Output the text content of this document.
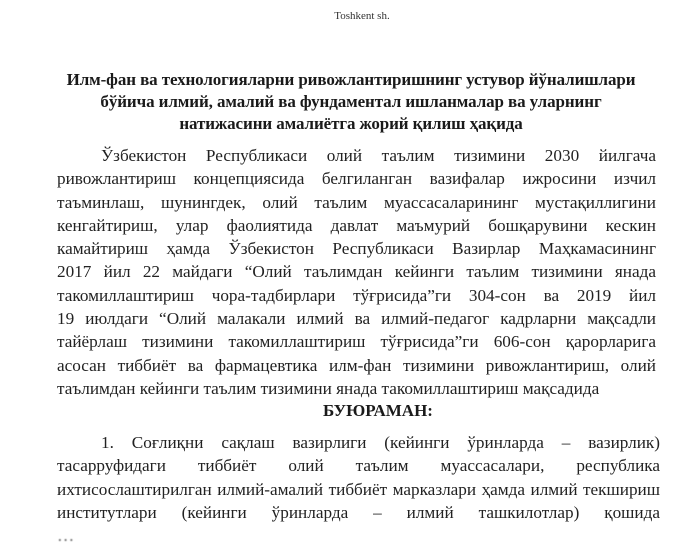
Toshkent sh.
Илм-фан ва технологияларни ривожлантиришнинг устувор йўналишлари
бўйича илмий, амалий ва фундаментал ишланмалар ва уларнинг
натижасини амалиётга жорий қилиш ҳақида
Ўзбекистон Республикаси олий таълим тизимини 2030 йилгача
ривожлантириш концепциясида белгиланган вазифалар ижросини изчил
таъминлаш, шунингдек, олий таълим муассасаларининг мустақиллигини
кенгайтириш, улар фаолиятида давлат маъмурий бошқарувини кескин
камайтириш ҳамда Ўзбекистон Республикаси Вазирлар Маҳкамасининг
2017 йил 22 майдаги “Олий таълимдан кейинги таълим тизимини янада
такомиллаштириш чора-тадбирлари тўғрисида”ги 304-сон ва 2019 йил
19 июлдаги “Олий малакали илмий ва илмий-педагог кадрларни мақсадли
тайёрлаш тизимини такомиллаштириш тўғрисида”ги 606-сон қарорларига
асосан тиббиёт ва фармацевтика илм-фан тизимини ривожлантириш, олий
таълимдан кейинги таълим тизимини янада такомиллаштириш мақсадида
БУЮРАМАН:
1. Соғлиқни сақлаш вазирлиги (кейинги ўринларда – вазирлик)
тасарруфидаги тиббиёт олий таълим муассасалари, республика
ихтисослаштирилган илмий-амалий тиббиёт марказлари ҳамда илмий текшириш
институтлари (кейинги ўринларда – илмий ташкилотлар) қошида
…
